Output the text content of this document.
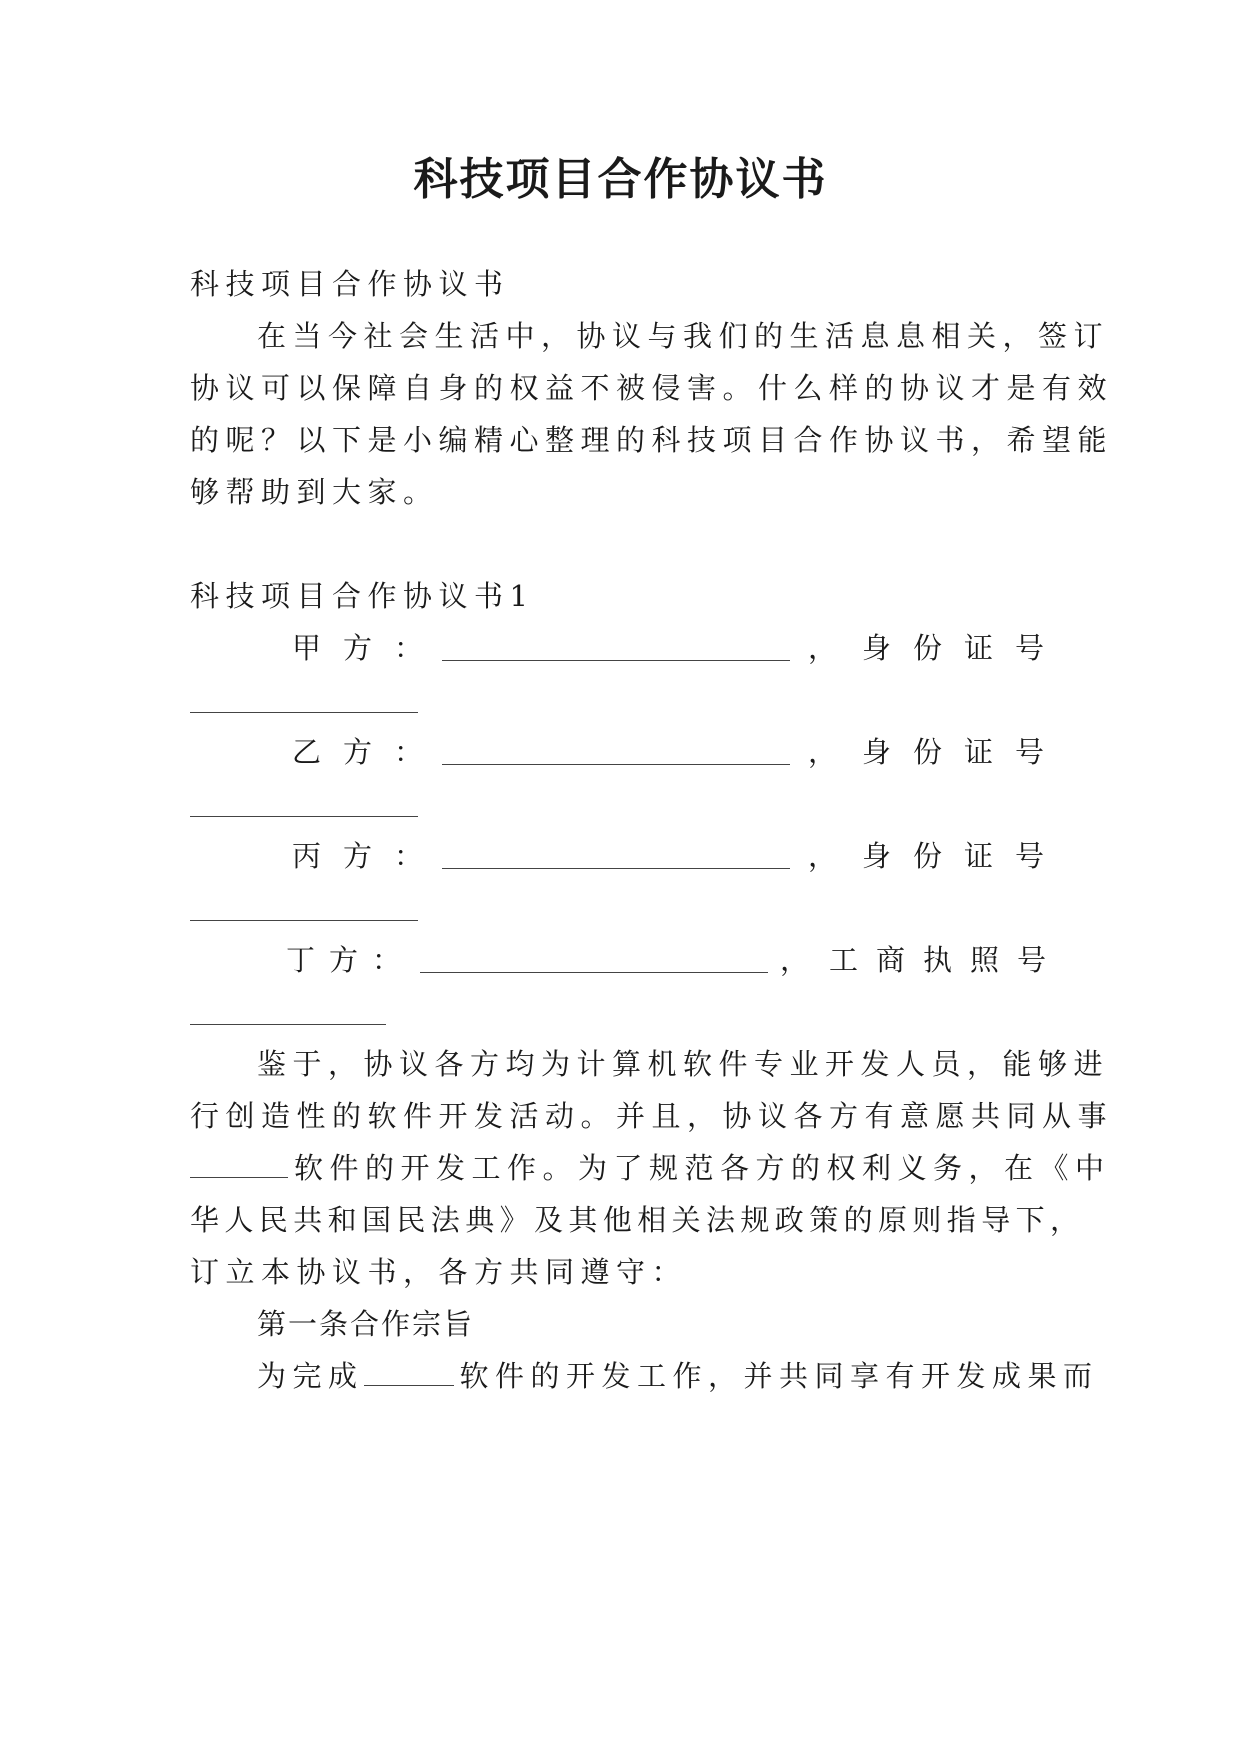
科技项目合作协议书

科技项目合作协议书

在当今社会生活中，协议与我们的生活息息相关，签订

协议可以保障自身的权益不被侵害。什么样的协议才是有效

的呢？以下是小编精心整理的科技项目合作协议书，希望能

够帮助到大家。

科技项目合作协议书1

甲 方 ：	， 身 份 证 号
乙 方 ：	， 身 份 证 号
丙 方 ：	， 身 份 证 号
丁 方 ：	， 工 商 执 照 号

鉴于，协议各方均为计算机软件专业开发人员，能够进

行创造性的软件开发活动。并且，协议各方有意愿共同从事

软件的开发工作。为了规范各方的权利义务，在《中

华人民共和国民法典》及其他相关法规政策的原则指导下，

订立本协议书，各方共同遵守：

第一条合作宗旨

为完成	软件的开发工作，并共同享有开发成果而
